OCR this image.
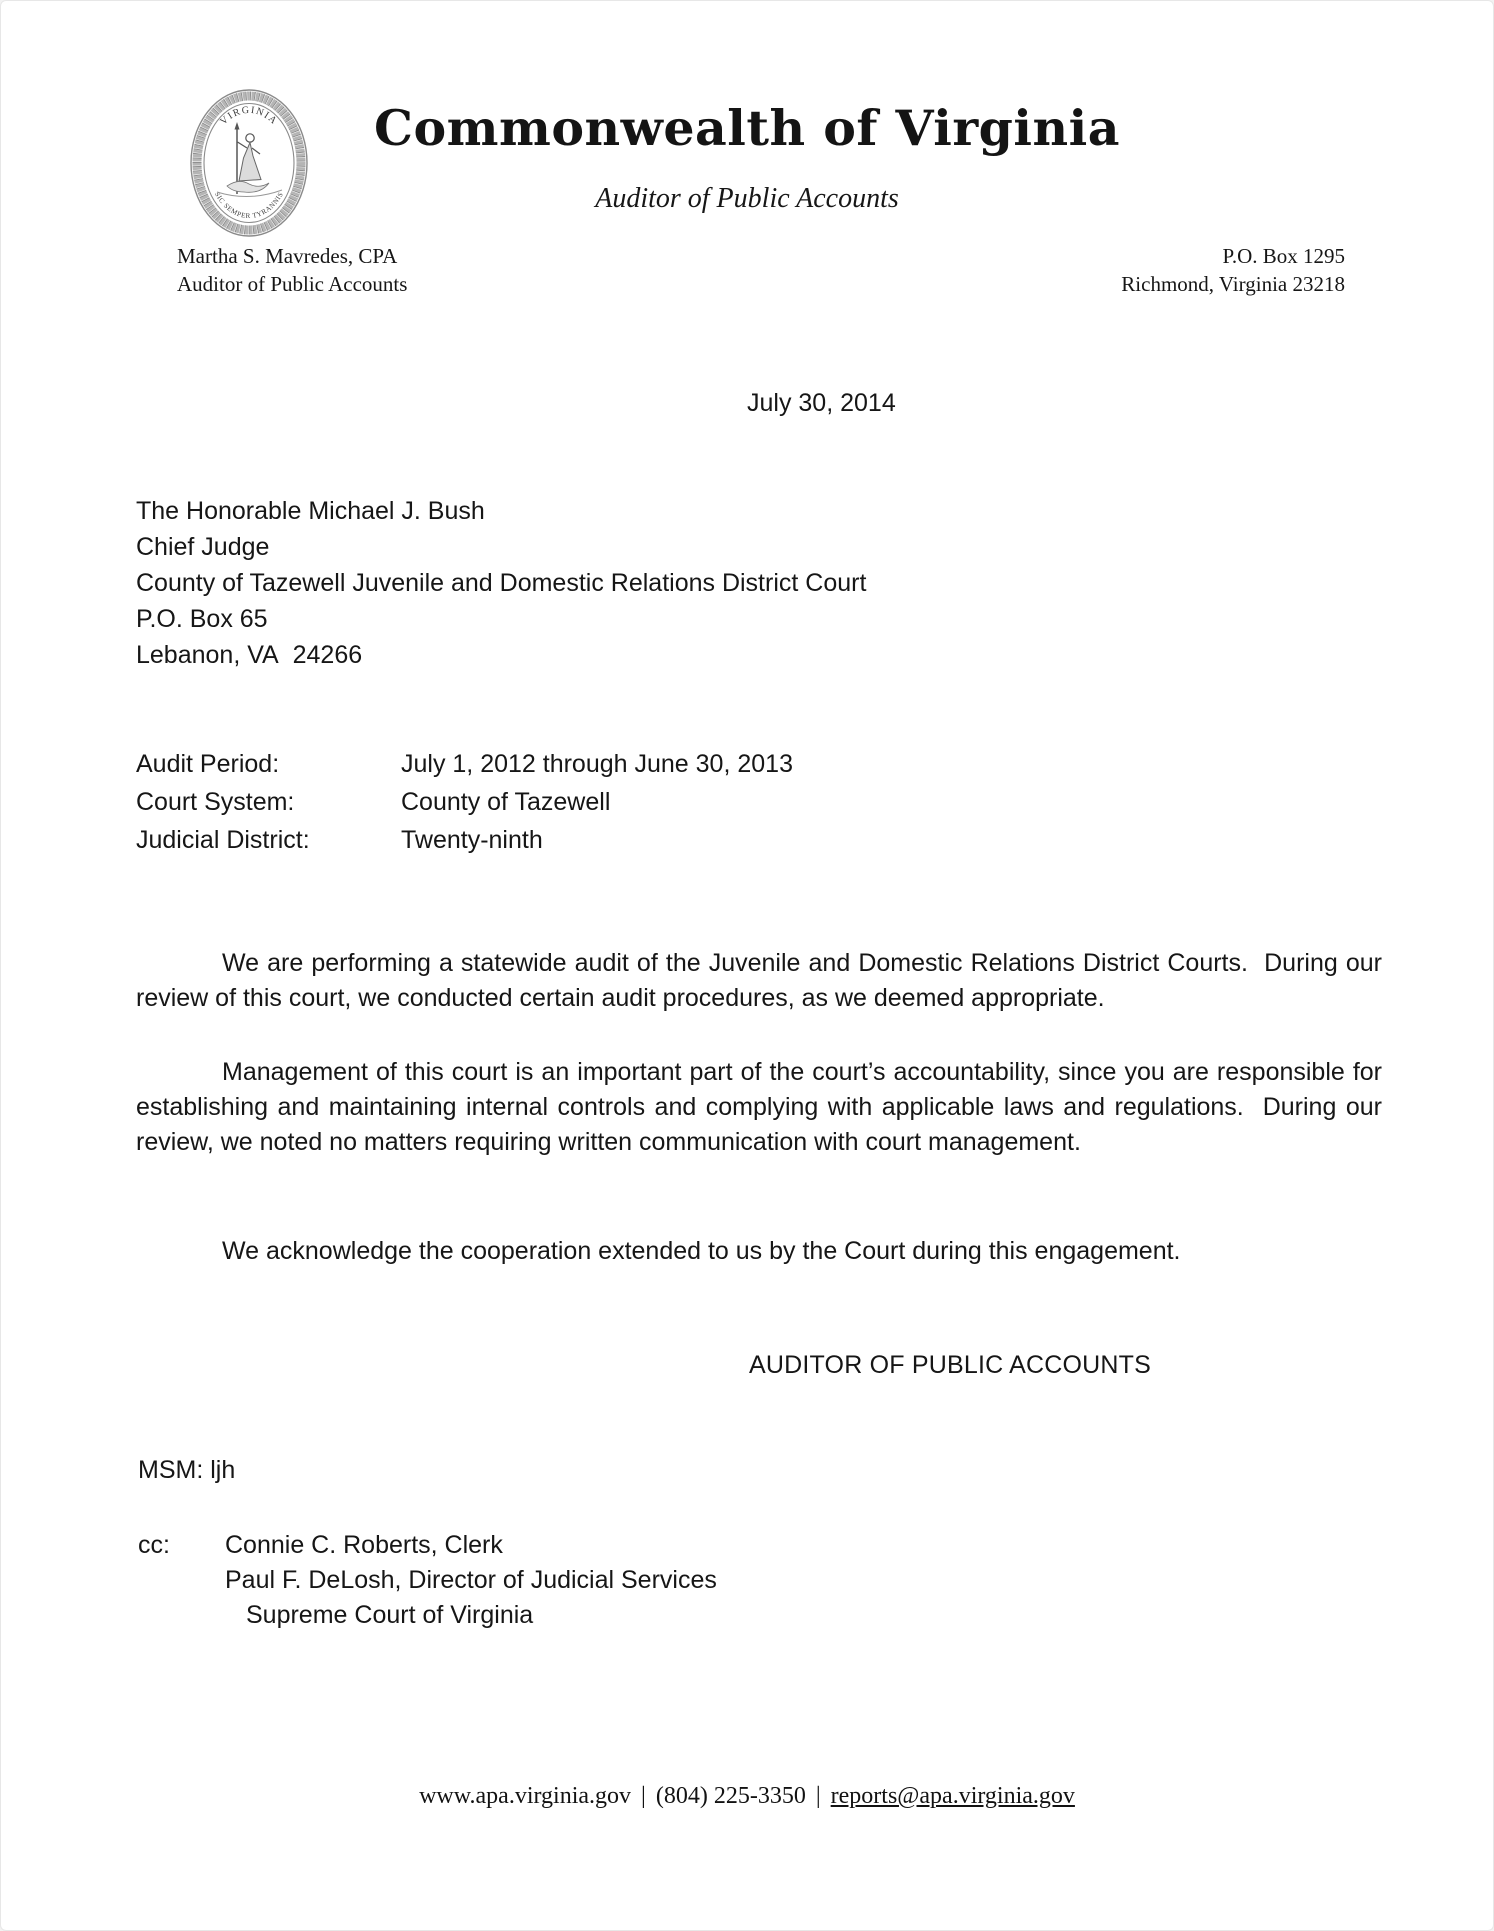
VIRGINIA
SIC SEMPER TYRANNIS
Commonwealth of Virginia
Auditor of Public Accounts
Martha S. Mavredes, CPA
Auditor of Public Accounts
P.O. Box 1295
Richmond, Virginia 23218
July 30, 2014
The Honorable Michael J. Bush
Chief Judge
County of Tazewell Juvenile and Domestic Relations District Court
P.O. Box 65
Lebanon, VA  24266
Audit Period:	July 1, 2012 through June 30, 2013
Court System:	County of Tazewell
Judicial District:	Twenty-ninth

We are performing a statewide audit of the Juvenile and Domestic Relations District Courts.  During our review of this court, we conducted certain audit procedures, as we deemed appropriate.

Management of this court is an important part of the court’s accountability, since you are responsible for establishing and maintaining internal controls and complying with applicable laws and regulations.  During our review, we noted no matters requiring written communication with court management.

We acknowledge the cooperation extended to us by the Court during this engagement.

AUDITOR OF PUBLIC ACCOUNTS
MSM: ljh
cc:	Connie C. Roberts, Clerk
Paul F. DeLosh, Director of Judicial Services
Supreme Court of Virginia
www.apa.virginia.gov | (804) 225-3350 | reports@apa.virginia.gov
